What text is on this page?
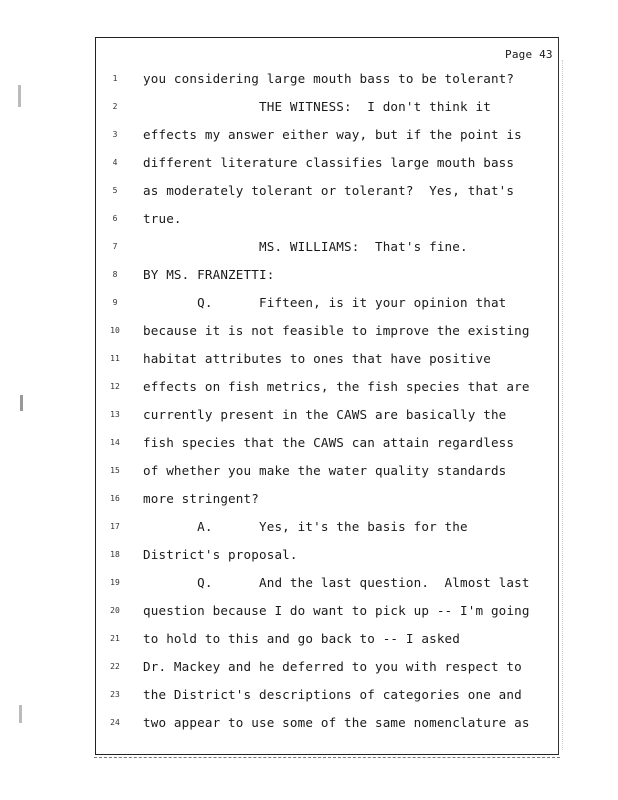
Page 43
1	you considering large mouth bass to be tolerant?
2	THE WITNESS:  I don't think it
3	effects my answer either way, but if the point is
4	different literature classifies large mouth bass
5	as moderately tolerant or tolerant?  Yes, that's
6	true.
7	MS. WILLIAMS:  That's fine.
8	BY MS. FRANZETTI:
9	Q.      Fifteen, is it your opinion that
10	because it is not feasible to improve the existing
11	habitat attributes to ones that have positive
12	effects on fish metrics, the fish species that are
13	currently present in the CAWS are basically the
14	fish species that the CAWS can attain regardless
15	of whether you make the water quality standards
16	more stringent?
17	A.      Yes, it's the basis for the
18	District's proposal.
19	Q.      And the last question.  Almost last
20	question because I do want to pick up -- I'm going
21	to hold to this and go back to -- I asked
22	Dr. Mackey and he deferred to you with respect to
23	the District's descriptions of categories one and
24	two appear to use some of the same nomenclature as
